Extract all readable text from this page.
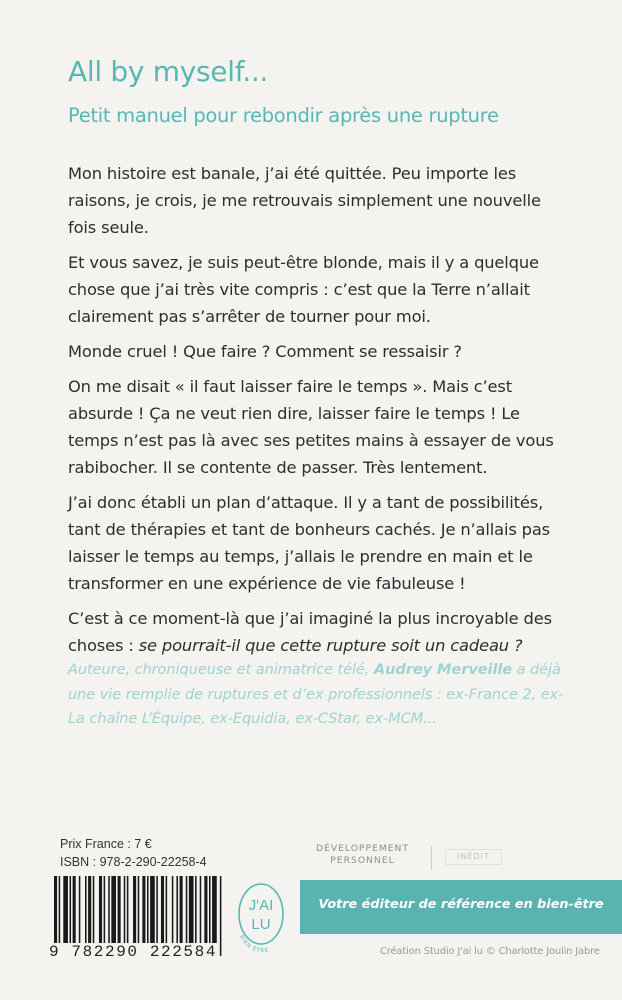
All by myself...
Petit manuel pour rebondir après une rupture

Mon histoire est banale, j’ai été quittée. Peu importe les raisons, je crois, je me retrouvais simplement une nouvelle fois seule.

Et vous savez, je suis peut-être blonde, mais il y a quelque chose que j’ai très vite compris : c’est que la Terre n’allait clairement pas s’arrêter de tourner pour moi.

Monde cruel ! Que faire ? Comment se ressaisir ?

On me disait « il faut laisser faire le temps ». Mais c’est absurde ! Ça ne veut rien dire, laisser faire le temps ! Le temps n’est pas là avec ses petites mains à essayer de vous rabibocher. Il se contente de passer. Très lentement.

J’ai donc établi un plan d’attaque. Il y a tant de possibilités, tant de thérapies et tant de bonheurs cachés. Je n’allais pas laisser le temps au temps, j’allais le prendre en main et le transformer en une expérience de vie fabuleuse !

C’est à ce moment-là que j’ai imaginé la plus incroyable des choses : se pourrait-il que cette rupture soit un cadeau ?

Auteure, chroniqueuse et animatrice télé, Audrey Merveille a déjà une vie remplie de ruptures et d’ex professionnels : ex-France 2, ex-La chaîne L’Équipe, ex-Equidia, ex-CStar, ex-MCM...
Prix France : 7 €
ISBN : 978-2-290-22258-4
9 782290 222584
DÉVELOPPEMENT
PERSONNEL	INÉDIT
J'AI
LU
BIEN ÊTRE
Votre éditeur de référence en bien-être
Création Studio J'ai lu © Charlotte Joulin Jabre
